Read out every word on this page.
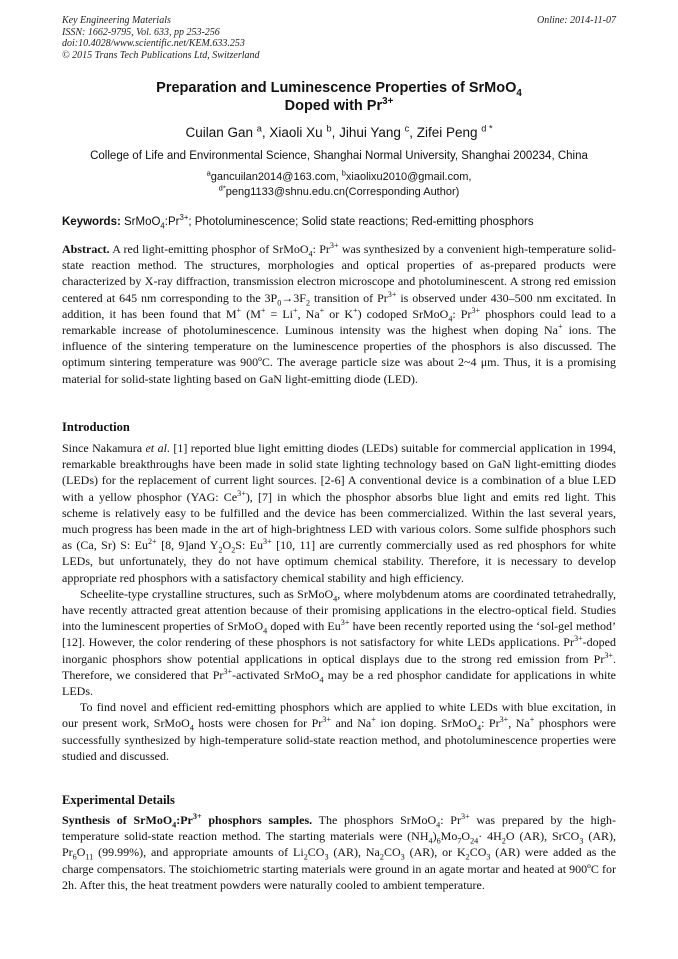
Key Engineering Materials
ISSN: 1662-9795, Vol. 633, pp 253-256
doi:10.4028/www.scientific.net/KEM.633.253
© 2015 Trans Tech Publications Ltd, Switzerland
Online: 2014-11-07
Preparation and Luminescence Properties of SrMoO$_4$
Doped with $Pr^{3+}$
Cuilan Gan $^a$, Xiaoli Xu $^b$, Jihui Yang $^c$, Zifei Peng $^{d *}$
College of Life and Environmental Science, Shanghai Normal University, Shanghai 200234, China
$^a$gancuilan2014@163.com, $^b$xiaolixu2010@gmail.com,
$^{d*}$peng1133@shnu.edu.cn(Corresponding Author)
Keywords: $SrMoO_4:Pr^{3+}$; Photoluminescence; Solid state reactions; Red-emitting phosphors

Abstract. A red light-emitting phosphor of SrMoO$_4$: $Pr^{3+}$ was synthesized by a convenient high-temperature solid-state reaction method. The structures, morphologies and optical properties of as-prepared products were characterized by X-ray diffraction, transmission electron microscope and photoluminescent. A strong red emission centered at 645 nm corresponding to the $3P_0\to 3F_2$ transition of $Pr^{3+}$ is observed under 430–500 nm excitated. In addition, it has been found that M+ (M+ = Li+, Na+ or K+) codoped SrMoO$_4$: $Pr^{3+}$ phosphors could lead to a remarkable increase of photoluminescence. Luminous intensity was the highest when doping Na+ ions. The influence of the sintering temperature on the luminescence properties of the phosphors is also discussed. The optimum sintering temperature was 900ºC. The average particle size was about 2~4 μm. Thus, it is a promising material for solid-state lighting based on GaN light-emitting diode (LED).

Introduction

Since Nakamura et al. [1] reported blue light emitting diodes (LEDs) suitable for commercial application in 1994, remarkable breakthroughs have been made in solid state lighting technology based on GaN light-emitting diodes (LEDs) for the replacement of current light sources. [2-6] A conventional device is a combination of a blue LED with a yellow phosphor (YAG: $Ce^{3+}$), [7] in which the phosphor absorbs blue light and emits red light. This scheme is relatively easy to be fulfilled and the device has been commercialized. Within the last several years, much progress has been made in the art of high-brightness LED with various colors. Some sulfide phosphors such as (Ca, Sr) S: $Eu^{2+}$ [8, 9]and $Y_2O_2S$: $Eu^{3+}$ [10, 11] are currently commercially used as red phosphors for white LEDs, but unfortunately, they do not have optimum chemical stability. Therefore, it is necessary to develop appropriate red phosphors with a satisfactory chemical stability and high efficiency.

Scheelite-type crystalline structures, such as SrMoO$_4$, where molybdenum atoms are coordinated tetrahedrally, have recently attracted great attention because of their promising applications in the electro-optical field. Studies into the luminescent properties of SrMoO$_4$ doped with $Eu^{3+}$ have been recently reported using the ‘sol-gel method’ [12]. However, the color rendering of these phosphors is not satisfactory for white LEDs applications. $Pr^{3+}$-doped inorganic phosphors show potential applications in optical displays due to the strong red emission from $Pr^{3+}$. Therefore, we considered that $Pr^{3+}$-activated SrMoO$_4$ may be a red phosphor candidate for applications in white LEDs.

To find novel and efficient red-emitting phosphors which are applied to white LEDs with blue excitation, in our present work, SrMoO$_4$ hosts were chosen for $Pr^{3+}$ and Na+ ion doping. SrMoO$_4$: $Pr^{3+}$, Na+ phosphors were successfully synthesized by high-temperature solid-state reaction method, and photoluminescence properties were studied and discussed.

Experimental Details

Synthesis of $SrMoO_4:Pr^{3+}$ phosphors samples. The phosphors SrMoO$_4$: $Pr^{3+}$ was prepared by the high-temperature solid-state reaction method. The starting materials were $(NH_4)_6Mo_7O_{24}\cdot 4H_2O$ (AR), SrCO$_3$ (AR), $Pr_6O_{11}$ (99.99%), and appropriate amounts of $Li_2CO_3$ (AR), $Na_2CO_3$ (AR), or $K_2CO_3$ (AR) were added as the charge compensators. The stoichiometric starting materials were ground in an agate mortar and heated at 900ºC for 2h. After this, the heat treatment powders were naturally cooled to ambient temperature.
